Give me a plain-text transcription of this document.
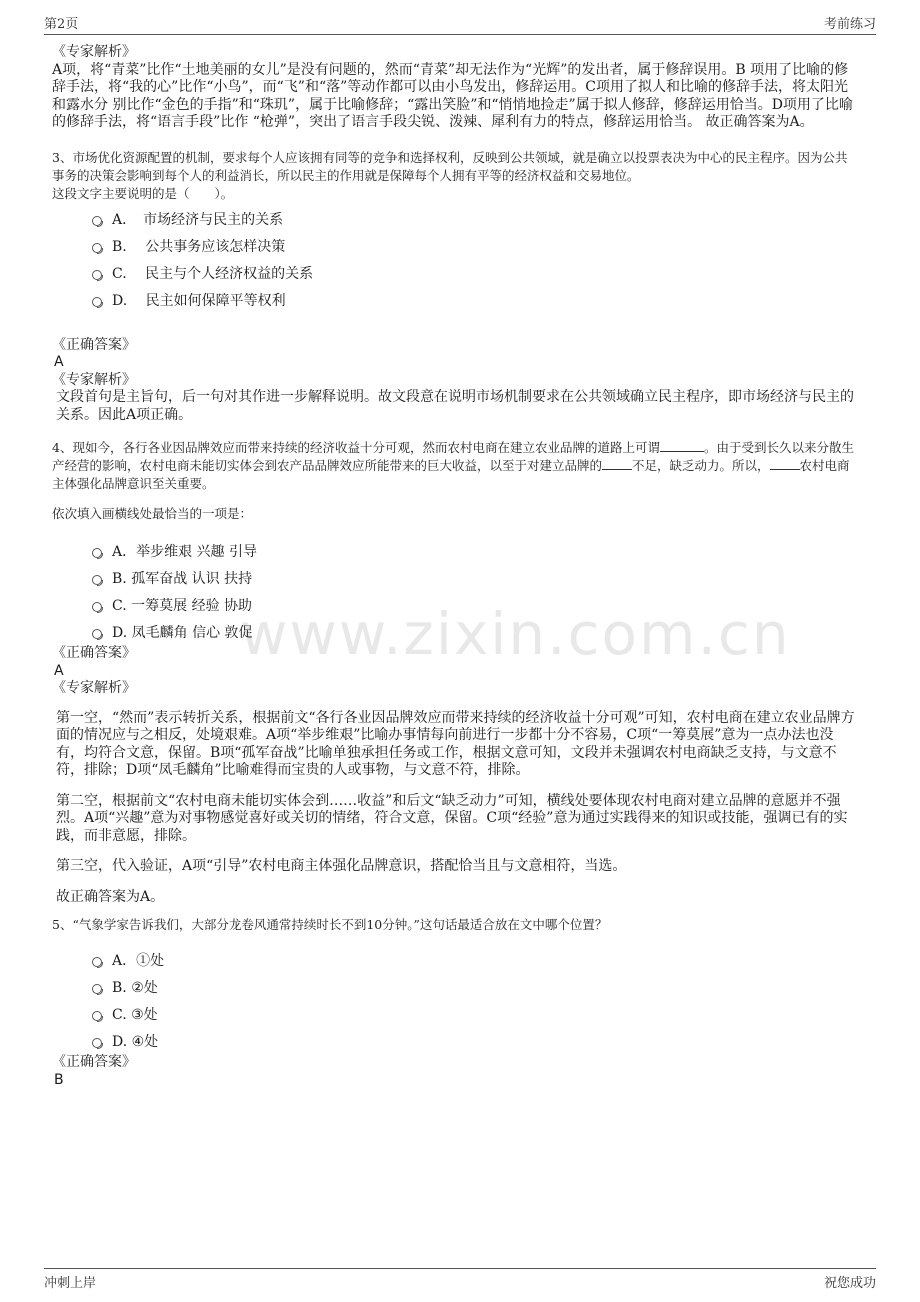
第2页	考前练习
www.zixin.com.cn

《专家解析》

A项，将“青菜”比作“土地美丽的女儿”是没有问题的，然而“青菜”却无法作为“光辉”的发出者，属于修辞误用。B 项用了比喻的修辞手法，将“我的心”比作“小鸟”，而“飞”和“落”等动作都可以由小鸟发出，修辞运用。C项用了拟人和比喻的修辞手法，将太阳光和露水分 别比作“金色的手指”和“珠玑”，属于比喻修辞；“露出笑脸”和“悄悄地捡走”属于拟人修辞，修辞运用恰当。D项用了比喻的修辞手法，将“语言手段”比作 “枪弹”，突出了语言手段尖锐、泼辣、犀利有力的特点，修辞运用恰当。 故正确答案为A。

3、市场优化资源配置的机制，要求每个人应该拥有同等的竞争和选择权利，反映到公共领域，就是确立以投票表决为中心的民主程序。因为公共事务的决策会影响到每个人的利益消长，所以民主的作用就是保障每个人拥有平等的经济权益和交易地位。

这段文字主要说明的是（　　）。

A．　市场经济与民主的关系
B.　 公共事务应该怎样决策
C.　 民主与个人经济权益的关系
D.　 民主如何保障平等权利

《正确答案》

A

《专家解析》

文段首句是主旨句，后一句对其作进一步解释说明。故文段意在说明市场机制要求在公共领域确立民主程序，即市场经济与民主的关系。因此A项正确。

4、现如今，各行各业因品牌效应而带来持续的经济收益十分可观，然而农村电商在建立农业品牌的道路上可谓	。由于受到长久以来分散生产经营的影响，农村电商未能切实体会到农产品品牌效应所能带来的巨大收益，以至于对建立品牌的 不足，缺乏动力。所以， 农村电商主体强化品牌意识至关重要。

依次填入画横线处最恰当的一项是：

A．举步维艰 兴趣 引导
B. 孤军奋战 认识 扶持
C. 一筹莫展 经验 协助
D. 凤毛麟角 信心 敦促

《正确答案》

A

《专家解析》

第一空，“然而”表示转折关系，根据前文“各行各业因品牌效应而带来持续的经济收益十分可观”可知，农村电商在建立农业品牌方面的情况应与之相反，处境艰难。A项“举步维艰”比喻办事情每向前进行一步都十分不容易，C项“一筹莫展”意为一点办法也没有，均符合文意，保留。B项“孤军奋战”比喻单独承担任务或工作，根据文意可知，文段并未强调农村电商缺乏支持，与文意不符，排除；D项“凤毛麟角”比喻难得而宝贵的人或事物，与文意不符，排除。

第二空，根据前文“农村电商未能切实体会到……收益”和后文“缺乏动力”可知，横线处要体现农村电商对建立品牌的意愿并不强烈。A项“兴趣”意为对事物感觉喜好或关切的情绪，符合文意，保留。C项“经验”意为通过实践得来的知识或技能，强调已有的实践，而非意愿，排除。

第三空，代入验证，A项“引导”农村电商主体强化品牌意识，搭配恰当且与文意相符，当选。

故正确答案为A。

5、“气象学家告诉我们，大部分龙卷风通常持续时长不到10分钟。”这句话最适合放在文中哪个位置？

A．①处
B. ②处
C. ③处
D. ④处

《正确答案》

B

冲刺上岸	祝您成功
